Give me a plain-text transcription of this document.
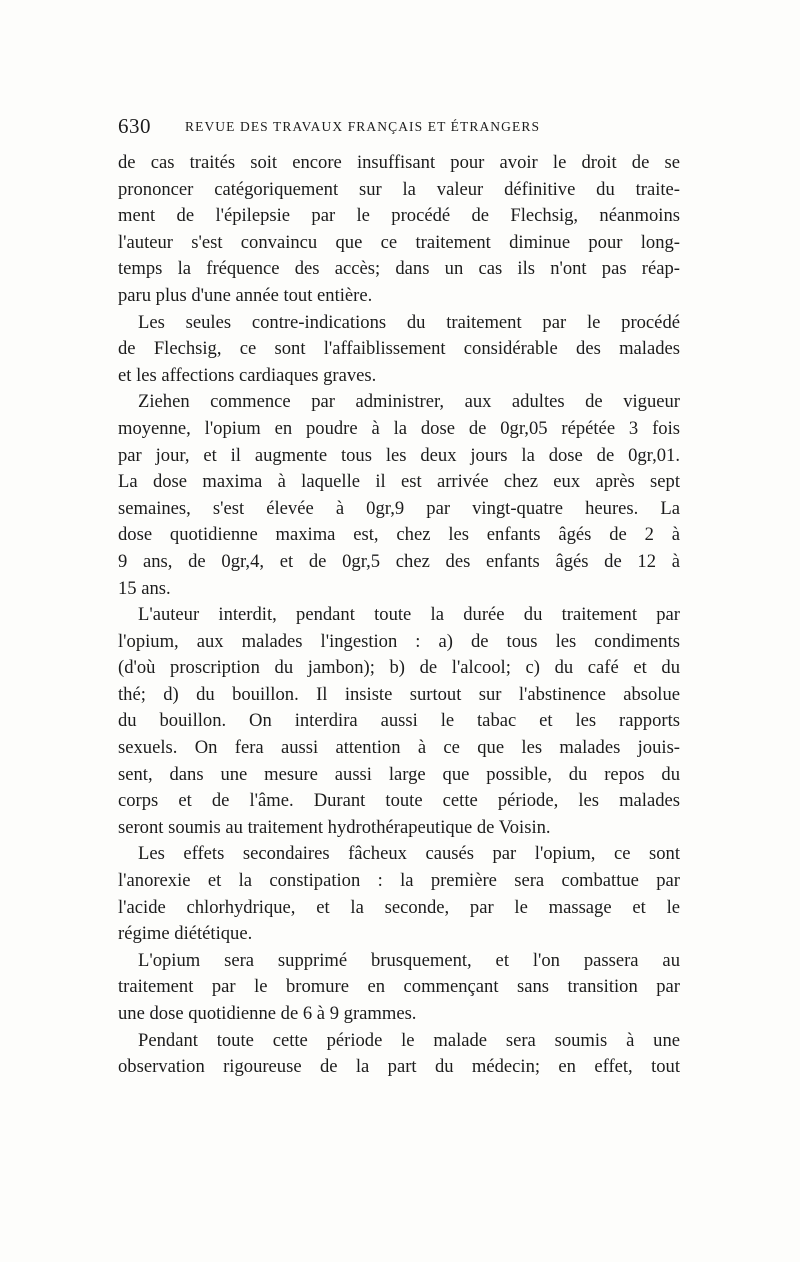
630	REVUE DES TRAVAUX FRANÇAIS ET ÉTRANGERS
de cas traités soit encore insuffisant pour avoir le droit de se
prononcer catégoriquement sur la valeur définitive du traite-
ment de l'épilepsie par le procédé de Flechsig, néanmoins
l'auteur s'est convaincu que ce traitement diminue pour long-
temps la fréquence des accès; dans un cas ils n'ont pas réap-
paru plus d'une année tout entière.
Les seules contre-indications du traitement par le procédé
de Flechsig, ce sont l'affaiblissement considérable des malades
et les affections cardiaques graves.
Ziehen commence par administrer, aux adultes de vigueur
moyenne, l'opium en poudre à la dose de 0gr,05 répétée 3 fois
par jour, et il augmente tous les deux jours la dose de 0gr,01.
La dose maxima à laquelle il est arrivée chez eux après sept
semaines, s'est élevée à 0gr,9 par vingt-quatre heures. La
dose quotidienne maxima est, chez les enfants âgés de 2 à
9 ans, de 0gr,4, et de 0gr,5 chez des enfants âgés de 12 à
15 ans.
L'auteur interdit, pendant toute la durée du traitement par
l'opium, aux malades l'ingestion : a) de tous les condiments
(d'où proscription du jambon); b) de l'alcool; c) du café et du
thé; d) du bouillon. Il insiste surtout sur l'abstinence absolue
du bouillon. On interdira aussi le tabac et les rapports
sexuels. On fera aussi attention à ce que les malades jouis-
sent, dans une mesure aussi large que possible, du repos du
corps et de l'âme. Durant toute cette période, les malades
seront soumis au traitement hydrothérapeutique de Voisin.
Les effets secondaires fâcheux causés par l'opium, ce sont
l'anorexie et la constipation : la première sera combattue par
l'acide chlorhydrique, et la seconde, par le massage et le
régime diététique.
L'opium sera supprimé brusquement, et l'on passera au
traitement par le bromure en commençant sans transition par
une dose quotidienne de 6 à 9 grammes.
Pendant toute cette période le malade sera soumis à une
observation rigoureuse de la part du médecin; en effet, tout
